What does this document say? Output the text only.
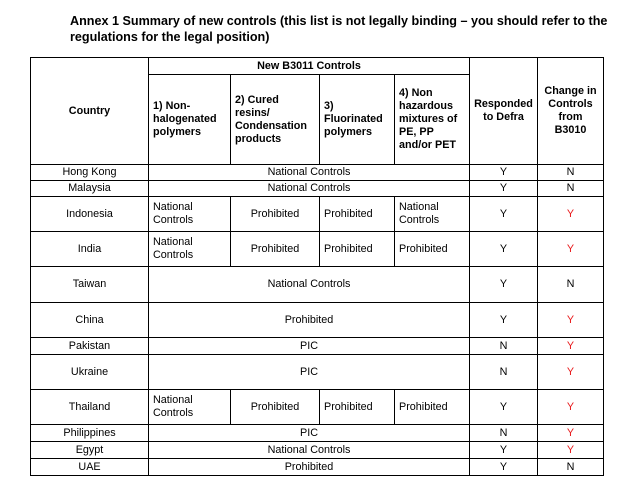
Annex 1 Summary of new controls (this list is not legally binding – you should refer to the regulations for the legal position)
Country	New B3011 Controls				Responded to Defra	Change in Controls from B3010
	1) Non-halogenated polymers	2) Cured resins/ Condensation products	3) Fluorinated polymers	4) Non hazardous mixtures of PE, PP and/or PET		
Hong Kong	National Controls				Y	N
Malaysia	National Controls				Y	N
Indonesia	National Controls	Prohibited	Prohibited	National Controls	Y	Y
India	National Controls	Prohibited	Prohibited	Prohibited	Y	Y
Taiwan	National Controls				Y	N
China	Prohibited				Y	Y
Pakistan	PIC				N	Y
Ukraine	PIC				N	Y
Thailand	National Controls	Prohibited	Prohibited	Prohibited	Y	Y
Philippines	PIC				N	Y
Egypt	National Controls				Y	Y
UAE	Prohibited				Y	N
